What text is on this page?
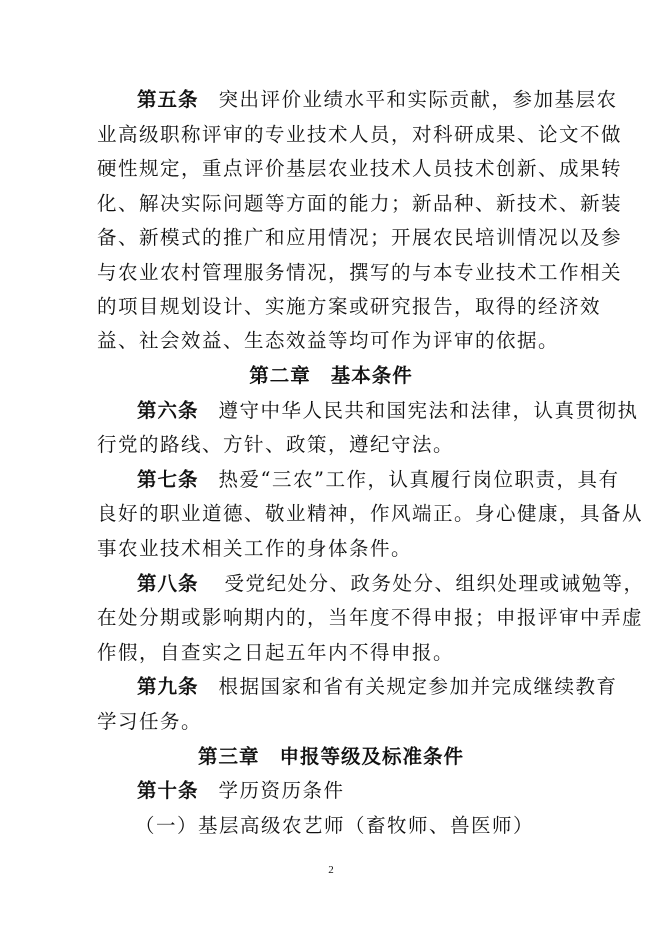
第五条 突出评价业绩水平和实际贡献，参加基层农
业高级职称评审的专业技术人员，对科研成果、论文不做
硬性规定，重点评价基层农业技术人员技术创新、成果转
化、解决实际问题等方面的能力；新品种、新技术、新装
备、新模式的推广和应用情况；开展农民培训情况以及参
与农业农村管理服务情况，撰写的与本专业技术工作相关
的项目规划设计、实施方案或研究报告，取得的经济效
益、社会效益、生态效益等均可作为评审的依据。
第二章 基本条件
第六条 遵守中华人民共和国宪法和法律，认真贯彻执
行党的路线、方针、政策，遵纪守法。
第七条 热爱“三农”工作，认真履行岗位职责，具有
良好的职业道德、敬业精神，作风端正。身心健康，具备从
事农业技术相关工作的身体条件。
第八条 受党纪处分、政务处分、组织处理或诫勉等，
在处分期或影响期内的，当年度不得申报；申报评审中弄虚
作假，自查实之日起五年内不得申报。
第九条 根据国家和省有关规定参加并完成继续教育
学习任务。
第三章 申报等级及标准条件
第十条 学历资历条件
（一）基层高级农艺师（畜牧师、兽医师）
2
